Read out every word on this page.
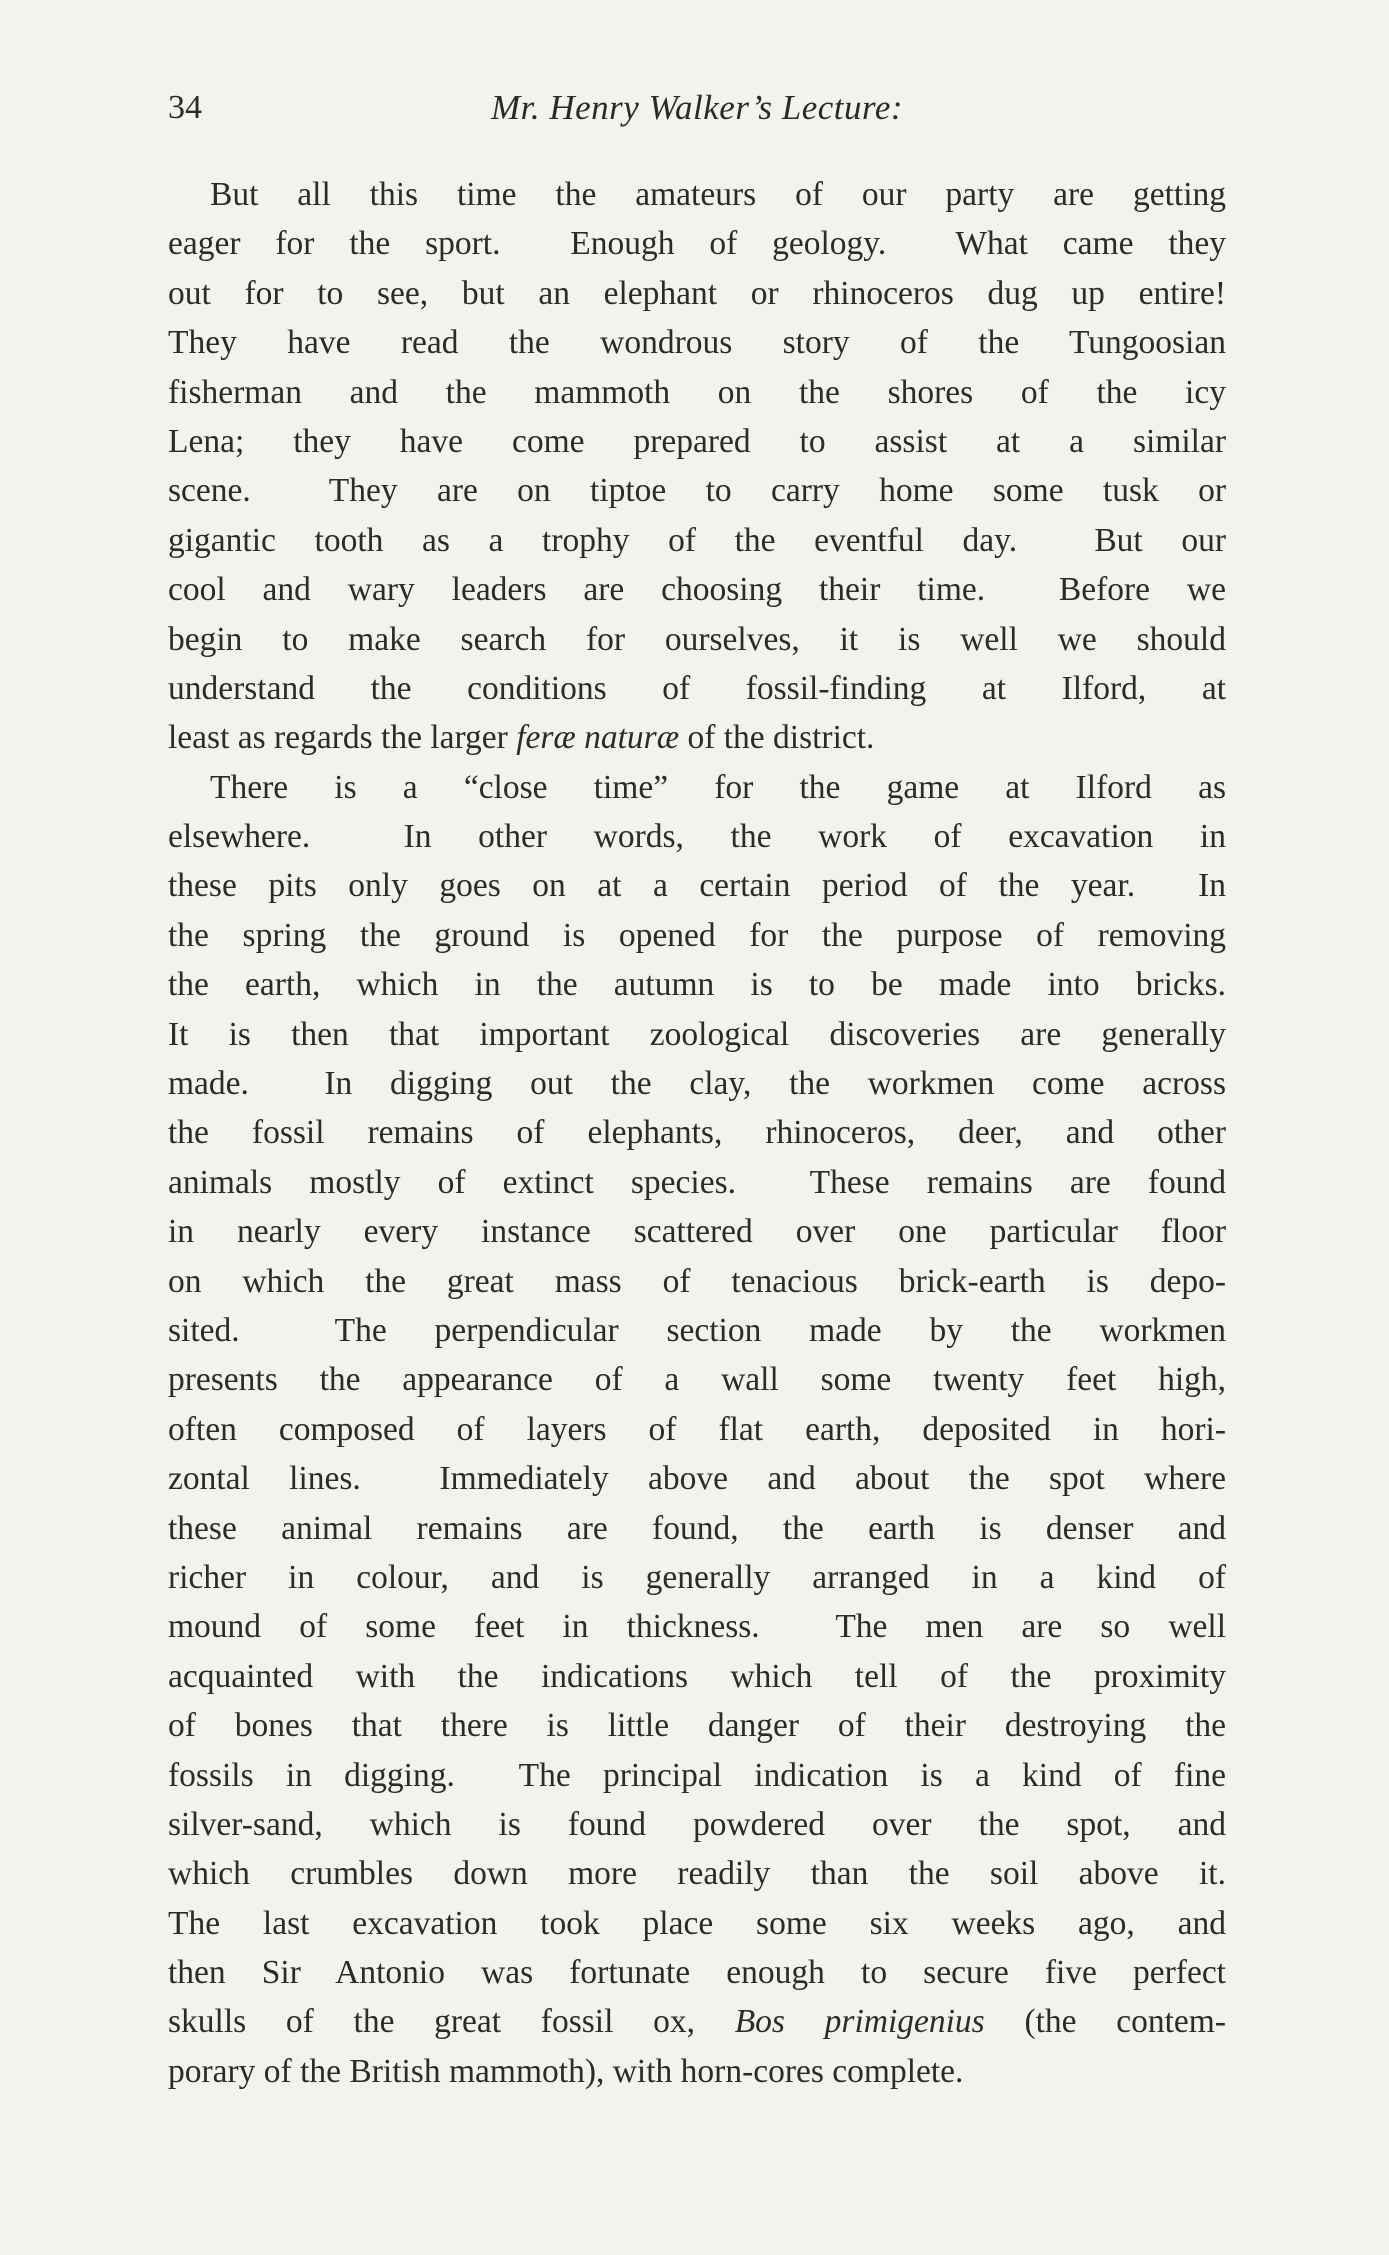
34	Mr. Henry Walker’s Lecture:
But all this time the amateurs of our party are getting
eager for the sport.  Enough of geology.  What came they
out for to see, but an elephant or rhinoceros dug up entire!
They have read the wondrous story of the Tungoosian
fisherman and the mammoth on the shores of the icy
Lena; they have come prepared to assist at a similar
scene.  They are on tiptoe to carry home some tusk or
gigantic tooth as a trophy of the eventful day.  But our
cool and wary leaders are choosing their time.  Before we
begin to make search for ourselves, it is well we should
understand the conditions of fossil-finding at Ilford, at
least as regards the larger feræ naturæ of the district.
There is a “close time” for the game at Ilford as
elsewhere.  In other words, the work of excavation in
these pits only goes on at a certain period of the year.  In
the spring the ground is opened for the purpose of removing
the earth, which in the autumn is to be made into bricks.
It is then that important zoological discoveries are generally
made.  In digging out the clay, the workmen come across
the fossil remains of elephants, rhinoceros, deer, and other
animals mostly of extinct species.  These remains are found
in nearly every instance scattered over one particular floor
on which the great mass of tenacious brick-earth is depo-
sited.  The perpendicular section made by the workmen
presents the appearance of a wall some twenty feet high,
often composed of layers of flat earth, deposited in hori-
zontal lines.  Immediately above and about the spot where
these animal remains are found, the earth is denser and
richer in colour, and is generally arranged in a kind of
mound of some feet in thickness.  The men are so well
acquainted with the indications which tell of the proximity
of bones that there is little danger of their destroying the
fossils in digging.  The principal indication is a kind of fine
silver-sand, which is found powdered over the spot, and
which crumbles down more readily than the soil above it.
The last excavation took place some six weeks ago, and
then Sir Antonio was fortunate enough to secure five perfect
skulls of the great fossil ox, Bos primigenius (the contem-
porary of the British mammoth), with horn-cores complete.
